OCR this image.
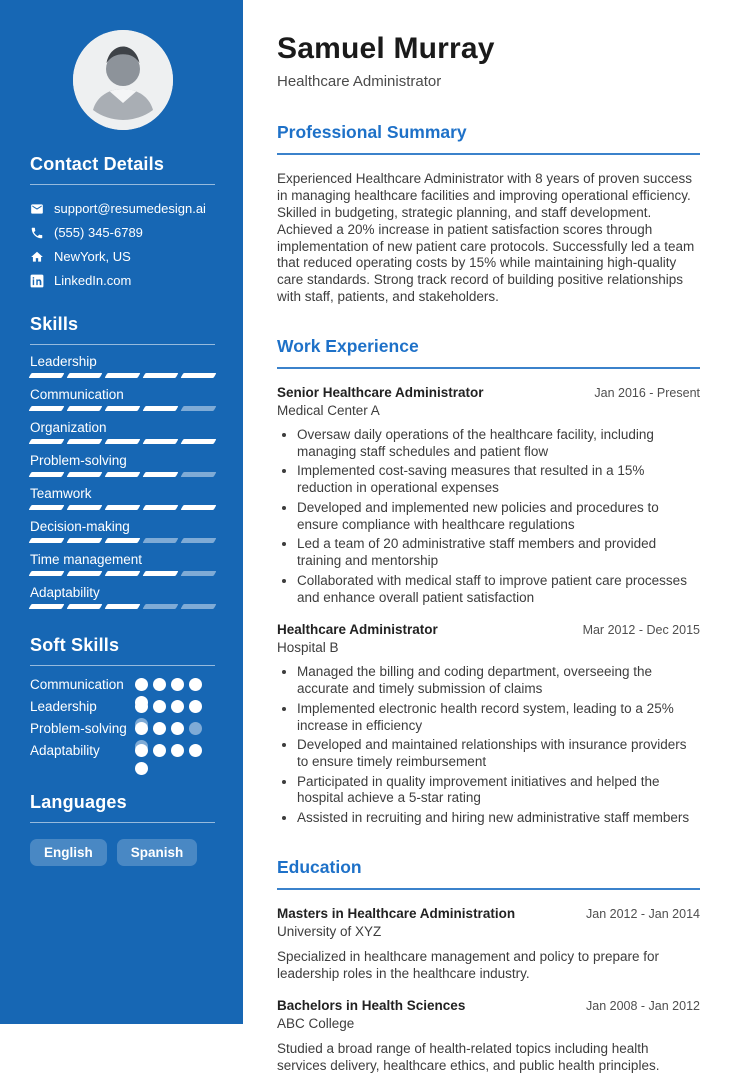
Contact Details
support@resumedesign.ai
(555) 345-6789
NewYork, US
LinkedIn.com
Skills
Leadership
Communication
Organization
Problem-solving
Teamwork
Decision-making
Time management
Adaptability
Soft Skills
Communication
Leadership
Problem-solving
Adaptability
Languages
English	Spanish
Samuel Murray
Healthcare Administrator
Professional Summary

Experienced Healthcare Administrator with 8 years of proven success in managing healthcare facilities and improving operational efficiency. Skilled in budgeting, strategic planning, and staff development. Achieved a 20% increase in patient satisfaction scores through implementation of new patient care protocols. Successfully led a team that reduced operating costs by 15% while maintaining high-quality care standards. Strong track record of building positive relationships with staff, patients, and stakeholders.

Work Experience
Senior Healthcare Administrator	Jan 2016 - Present
Medical Center A
• Oversaw daily operations of the healthcare facility, including managing staff schedules and patient flow
• Implemented cost-saving measures that resulted in a 15% reduction in operational expenses
• Developed and implemented new policies and procedures to ensure compliance with healthcare regulations
• Led a team of 20 administrative staff members and provided training and mentorship
• Collaborated with medical staff to improve patient care processes and enhance overall patient satisfaction
Healthcare Administrator	Mar 2012 - Dec 2015
Hospital B
• Managed the billing and coding department, overseeing the accurate and timely submission of claims
• Implemented electronic health record system, leading to a 25% increase in efficiency
• Developed and maintained relationships with insurance providers to ensure timely reimbursement
• Participated in quality improvement initiatives and helped the hospital achieve a 5-star rating
• Assisted in recruiting and hiring new administrative staff members
Education
Masters in Healthcare Administration	Jan 2012 - Jan 2014
University of XYZ
Specialized in healthcare management and policy to prepare for leadership roles in the healthcare industry.
Bachelors in Health Sciences	Jan 2008 - Jan 2012
ABC College
Studied a broad range of health-related topics including health services delivery, healthcare ethics, and public health principles.
